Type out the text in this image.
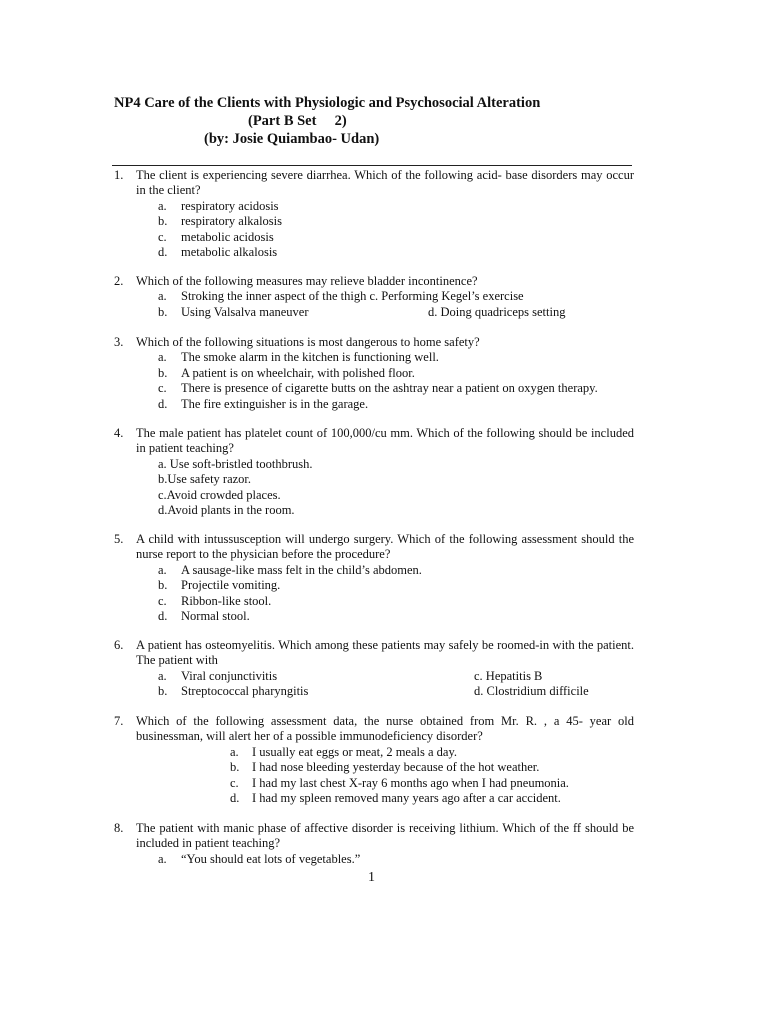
NP4 Care of the Clients with Physiologic and Psychosocial Alteration
(Part B Set     2)
(by: Josie Quiambao- Udan)
1. The client is experiencing severe diarrhea. Which of the following acid- base disorders may occur in the client?
a. respiratory acidosis
b. respiratory alkalosis
c. metabolic acidosis
d. metabolic alkalosis
2. Which of the following measures may relieve bladder incontinence?
a. Stroking the inner aspect of the thigh c. Performing Kegel’s exercise
b. Using Valsalva maneuver	d. Doing quadriceps setting
3. Which of the following situations is most dangerous to home safety?
a. The smoke alarm in the kitchen is functioning well.
b. A patient is on wheelchair, with polished floor.
c. There is presence of cigarette butts on the ashtray near a patient on oxygen therapy.
d. The fire extinguisher is in the garage.
4. The male patient has platelet count of 100,000/cu mm. Which of the following should be included in patient teaching?
a. Use soft-bristled toothbrush.
b.Use safety razor.
c.Avoid crowded places.
d.Avoid plants in the room.
5. A child with intussusception will undergo surgery. Which of the following assessment should the nurse report to the physician before the procedure?
a. A sausage-like mass felt in the child’s abdomen.
b. Projectile vomiting.
c. Ribbon-like stool.
d. Normal stool.
6. A patient has osteomyelitis. Which among these patients may safely be roomed-in with the patient. The patient with
a. Viral conjunctivitis	c. Hepatitis B
b. Streptococcal pharyngitis	d. Clostridium difficile
7. Which of the following assessment data, the nurse obtained from Mr. R. , a 45- year old businessman, will alert her of a possible immunodeficiency disorder?
a. I usually eat eggs or meat, 2 meals a day.
b. I had nose bleeding yesterday because of the hot weather.
c. I had my last chest X-ray 6 months ago when I had pneumonia.
d. I had my spleen removed many years ago after a car accident.
8. The patient with manic phase of affective disorder is receiving lithium. Which of the ff should be included in patient teaching?
a. “You should eat lots of vegetables.”
1
